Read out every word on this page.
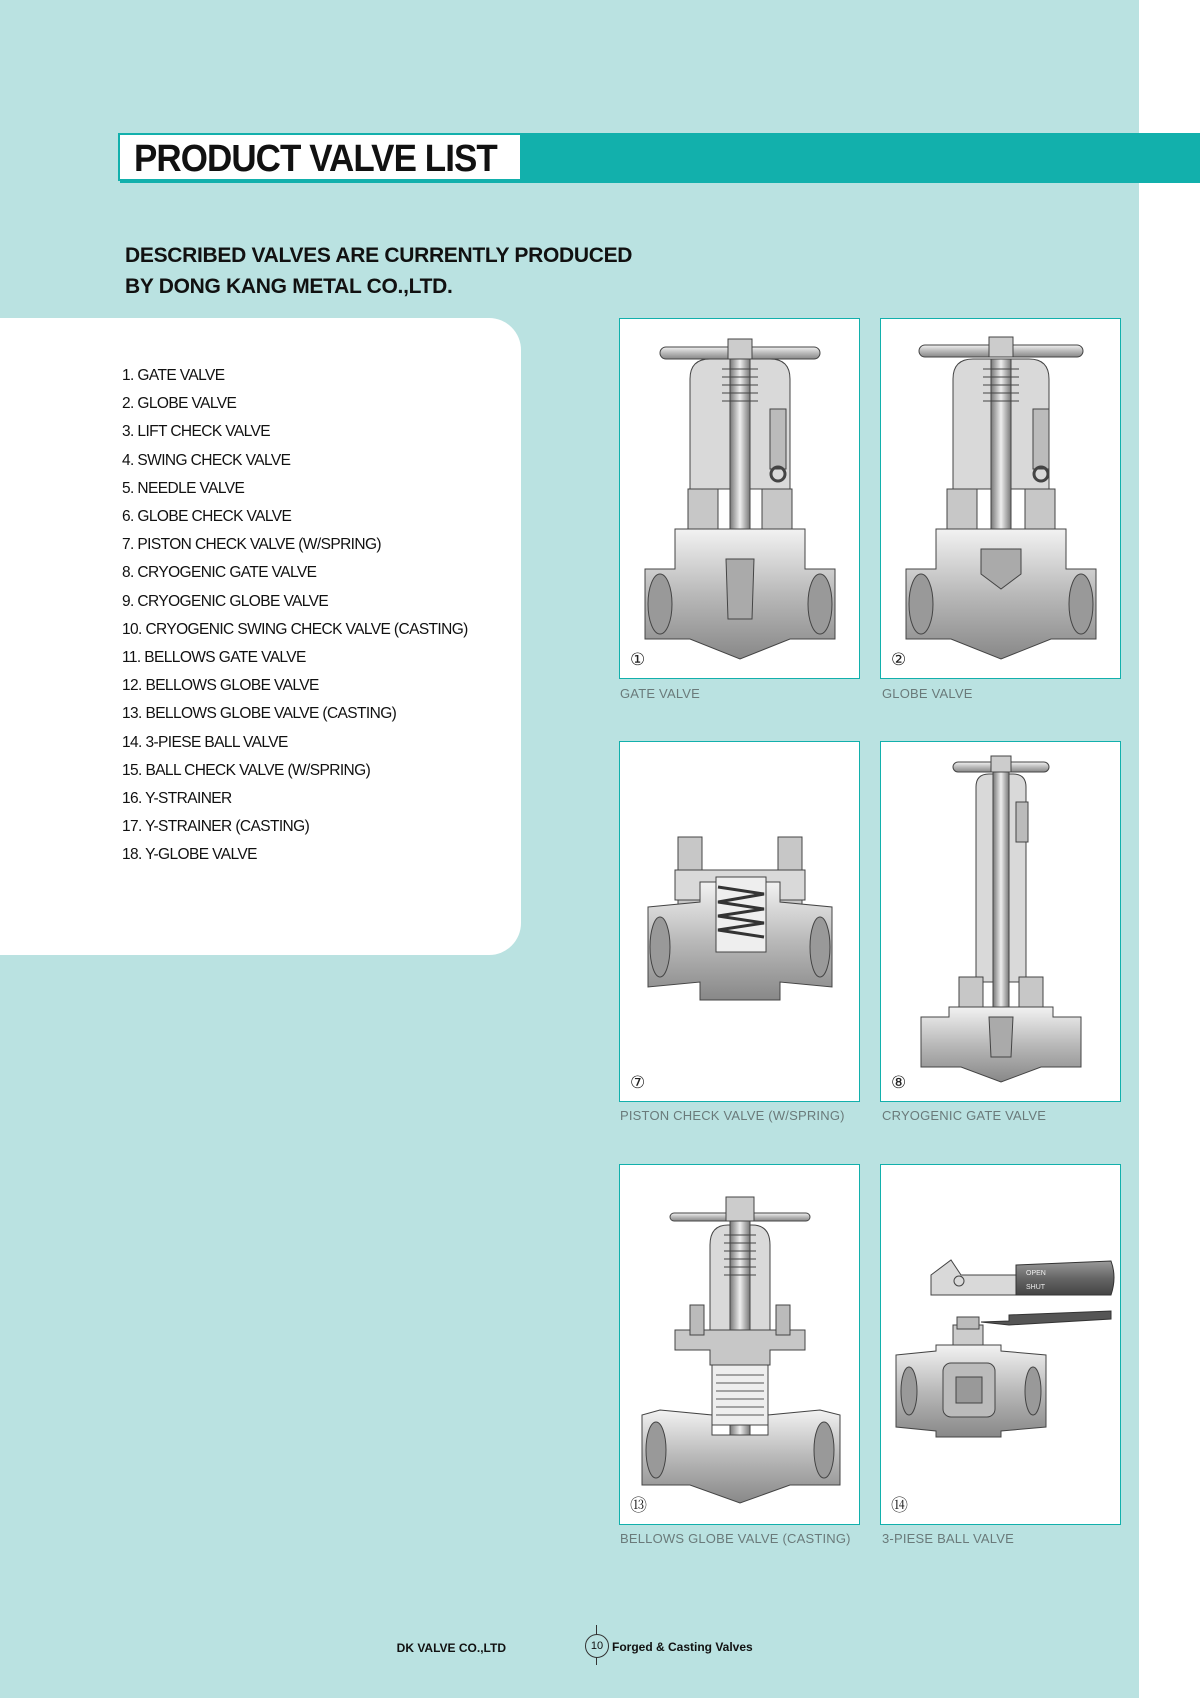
PRODUCT VALVE LIST
DESCRIBED VALVES ARE CURRENTLY PRODUCED
BY DONG KANG METAL CO.,LTD.
1. GATE VALVE
2. GLOBE VALVE
3. LIFT CHECK VALVE
4. SWING CHECK VALVE
5. NEEDLE VALVE
6. GLOBE CHECK VALVE
7. PISTON CHECK VALVE (W/SPRING)
8. CRYOGENIC GATE VALVE
9. CRYOGENIC GLOBE VALVE
10. CRYOGENIC SWING CHECK VALVE (CASTING)
11. BELLOWS GATE VALVE
12. BELLOWS GLOBE VALVE
13. BELLOWS GLOBE VALVE (CASTING)
14. 3-PIESE BALL VALVE
15. BALL CHECK VALVE (W/SPRING)
16. Y-STRAINER
17. Y-STRAINER (CASTING)
18. Y-GLOBE VALVE
①
GATE VALVE
②
GLOBE VALVE
⑦
PISTON CHECK VALVE (W/SPRING)
⑧
CRYOGENIC GATE VALVE
⑬
BELLOWS GLOBE VALVE (CASTING)
OPEN
SHUT
⑭
3-PIESE BALL VALVE
DK VALVE CO.,LTD	10 Forged & Casting Valves
